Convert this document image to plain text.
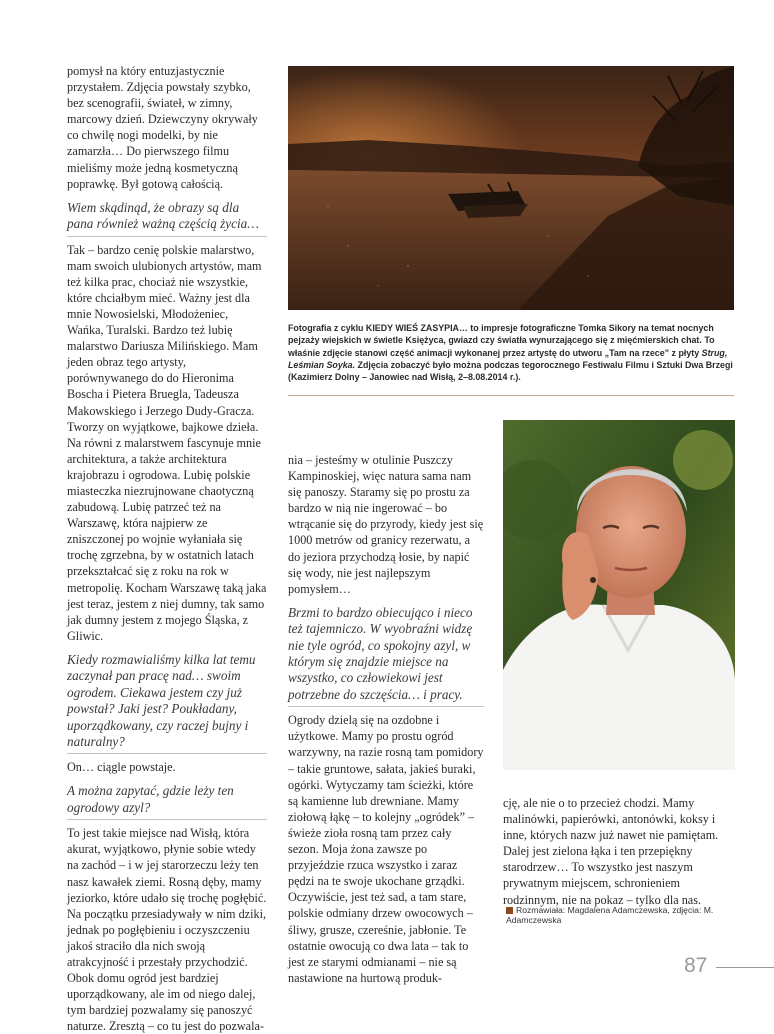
pomysł na który entuzjastycznie przystałem. Zdjęcia powstały szybko, bez scenografii, świateł, w zimny, marcowy dzień. Dziewczyny okrywały co chwilę nogi modelki, by nie zamarzła… Do pierwszego filmu mieliśmy może jedną kosmetyczną poprawkę. Był gotową całością.

Wiem skądinąd, że obrazy są dla pana również ważną częścią życia…

Tak – bardzo cenię polskie malarstwo, mam swoich ulubionych artystów, mam też kilka prac, chociaż nie wszystkie, które chciałbym mieć. Ważny jest dla mnie Nowosielski, Młodożeniec, Wańka, Turalski. Bardzo też lubię malarstwo Dariusza Milińskiego. Mam jeden obraz tego artysty, porównywanego do do Hieronima Boscha i Pietera Bruegla, Tadeusza Makowskiego i Jerzego Dudy-Gracza. Tworzy on wyjątkowe, bajkowe dzieła.

Na równi z malarstwem fascynuje mnie architektura, a także architektura krajobrazu i ogrodowa. Lubię polskie miasteczka niezrujnowane chaotyczną zabudową. Lubię patrzeć też na Warszawę, która najpierw ze zniszczonej po wojnie wyłaniała się trochę zgrzebna, by w ostatnich latach przekształcać się z roku na rok w metropolię. Kocham Warszawę taką jaka jest teraz, jestem z niej dumny, tak samo jak dumny jestem z mojego Śląska, z Gliwic.

Kiedy rozmawialiśmy kilka lat temu zaczynał pan pracę nad… swoim ogrodem. Ciekawa jestem czy już powstał? Jaki jest? Poukładany, uporządkowany, czy raczej bujny i naturalny?

On… ciągle powstaje.

A można zapytać, gdzie leży ten ogrodowy azyl?

To jest takie miejsce nad Wisłą, która akurat, wyjątkowo, płynie sobie wtedy na zachód – i w jej starorzeczu leży ten nasz kawałek ziemi. Rosną dęby, mamy jeziorko, które udało się trochę pogłębić. Na początku przesiadywały w nim dziki, jednak po pogłębieniu i oczyszczeniu jakoś straciło dla nich swoją atrakcyjność i przestały przychodzić. Obok domu ogród jest bardziej uporządkowany, ale im od niego dalej, tym bardziej pozwalamy się panoszyć naturze. Zresztą – co tu jest do pozwala-

Fotografia z cyklu KIEDY WIEŚ ZASYPIA… to impresje fotograficzne Tomka Sikory na temat nocnych pejzaży wiejskich w świetle Księżyca, gwiazd czy światła wynurzającego się z mięćmierskich chat. To właśnie zdjęcie stanowi część animacji wykonanej przez artystę do utworu „Tam na rzece” z płyty Strug, Leśmian Soyka. Zdjęcia zobaczyć było można podczas tegorocznego Festiwalu Filmu i Sztuki Dwa Brzegi (Kazimierz Dolny – Janowiec nad Wisłą, 2–8.08.2014 r.).

nia – jesteśmy w otulinie Puszczy Kampinoskiej, więc natura sama nam się panoszy. Staramy się po prostu za bardzo w nią nie ingerować – bo wtrącanie się do przyrody, kiedy jest się 1000 metrów od granicy rezerwatu, a do jeziora przychodzą łosie, by napić się wody, nie jest najlepszym pomysłem…

Brzmi to bardzo obiecująco i nieco też tajemniczo. W wyobraźni widzę nie tyle ogród, co spokojny azyl, w którym się znajdzie miejsce na wszystko, co człowiekowi jest potrzebne do szczęścia… i pracy.

Ogrody dzielą się na ozdobne i użytkowe. Mamy po prostu ogród warzywny, na razie rosną tam pomidory – takie gruntowe, sałata, jakieś buraki, ogórki. Wytyczamy tam ścieżki, które są kamienne lub drewniane. Mamy ziołową łąkę – to kolejny „ogródek” – świeże zioła rosną tam przez cały sezon. Moja żona zawsze po przyjeździe rzuca wszystko i zaraz pędzi na te swoje ukochane grządki.

Oczywiście, jest też sad, a tam stare, polskie odmiany drzew owocowych – śliwy, grusze, czereśnie, jabłonie. Te ostatnie owocują co dwa lata – tak to jest ze starymi odmianami – nie są nastawione na hurtową produk-

cję, ale nie o to przecież chodzi. Mamy malinówki, papierówki, antonówki, koksy i inne, których nazw już nawet nie pamiętam. Dalej jest zielona łąka i ten przepiękny starodrzew… To wszystko jest naszym prywatnym miejscem, schronieniem rodzinnym, nie na pokaz – tylko dla nas.

Rozmawiała: Magdalena Adamczewska, zdjęcia: M. Adamczewska
87
